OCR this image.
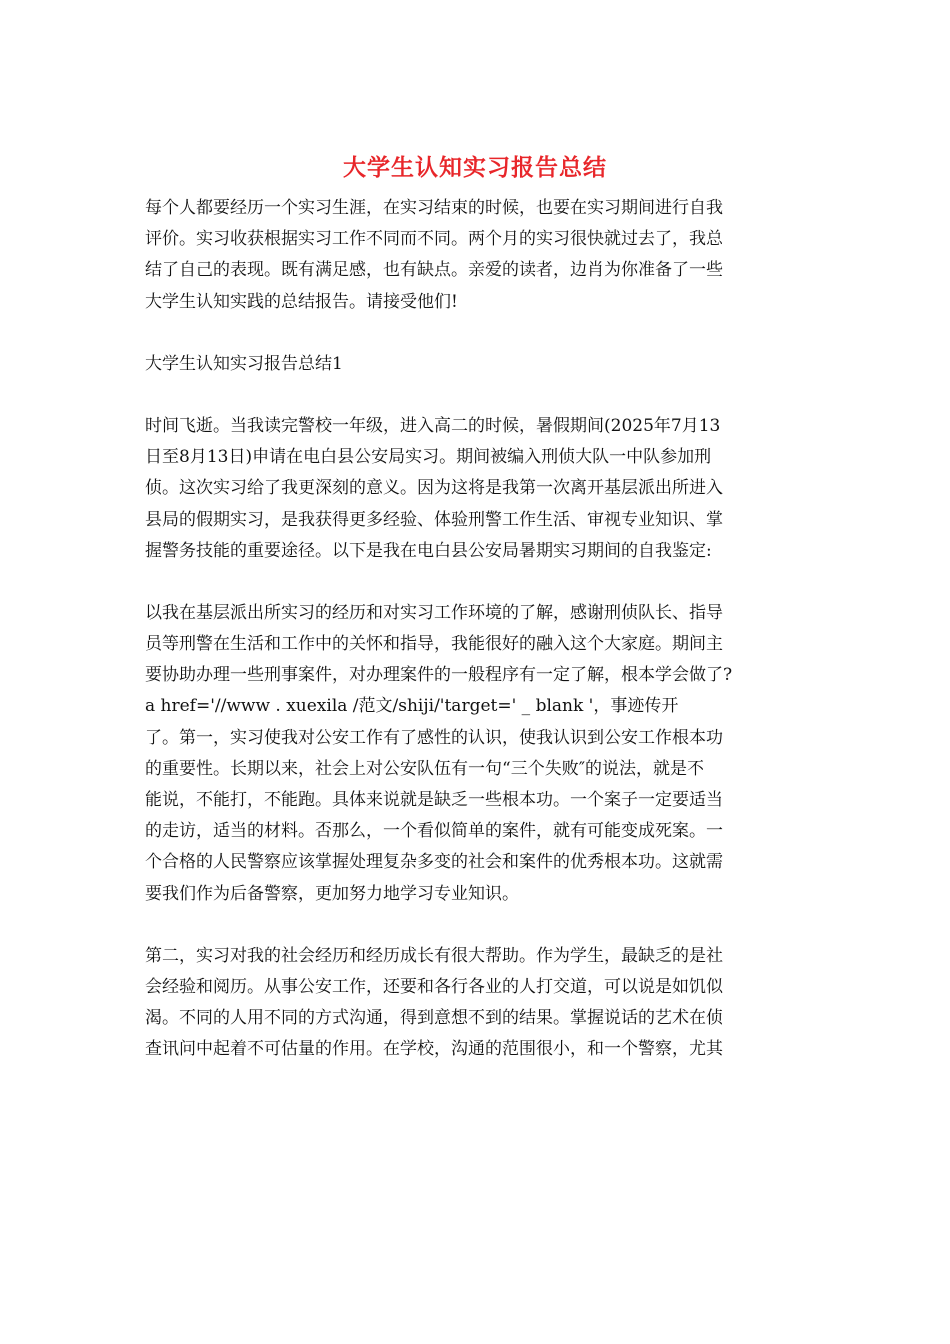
大学生认知实习报告总结
每个人都要经历一个实习生涯，在实习结束的时候，也要在实习期间进行自我
评价。实习收获根据实习工作不同而不同。两个月的实习很快就过去了，我总
结了自己的表现。既有满足感，也有缺点。亲爱的读者，边肖为你准备了一些
大学生认知实践的总结报告。请接受他们!
大学生认知实习报告总结1
时间飞逝。当我读完警校一年级，进入高二的时候，暑假期间(2025年7月13
日至8月13日)申请在电白县公安局实习。期间被编入刑侦大队一中队参加刑
侦。这次实习给了我更深刻的意义。因为这将是我第一次离开基层派出所进入
县局的假期实习，是我获得更多经验、体验刑警工作生活、审视专业知识、掌
握警务技能的重要途径。以下是我在电白县公安局暑期实习期间的自我鉴定:
以我在基层派出所实习的经历和对实习工作环境的了解，感谢刑侦队长、指导
员等刑警在生活和工作中的关怀和指导，我能很好的融入这个大家庭。期间主
要协助办理一些刑事案件，对办理案件的一般程序有一定了解，根本学会做了?
a href='//www . xuexila /范文/shiji/'target=' _ blank '，事迹传开
了。第一，实习使我对公安工作有了感性的认识，使我认识到公安工作根本功
的重要性。长期以来，社会上对公安队伍有一句“三个失败″的说法，就是不
能说，不能打，不能跑。具体来说就是缺乏一些根本功。一个案子一定要适当
的走访，适当的材料。否那么，一个看似简单的案件，就有可能变成死案。一
个合格的人民警察应该掌握处理复杂多变的社会和案件的优秀根本功。这就需
要我们作为后备警察，更加努力地学习专业知识。
第二，实习对我的社会经历和经历成长有很大帮助。作为学生，最缺乏的是社
会经验和阅历。从事公安工作，还要和各行各业的人打交道，可以说是如饥似
渴。不同的人用不同的方式沟通，得到意想不到的结果。掌握说话的艺术在侦
查讯问中起着不可估量的作用。在学校，沟通的范围很小，和一个警察，尤其
